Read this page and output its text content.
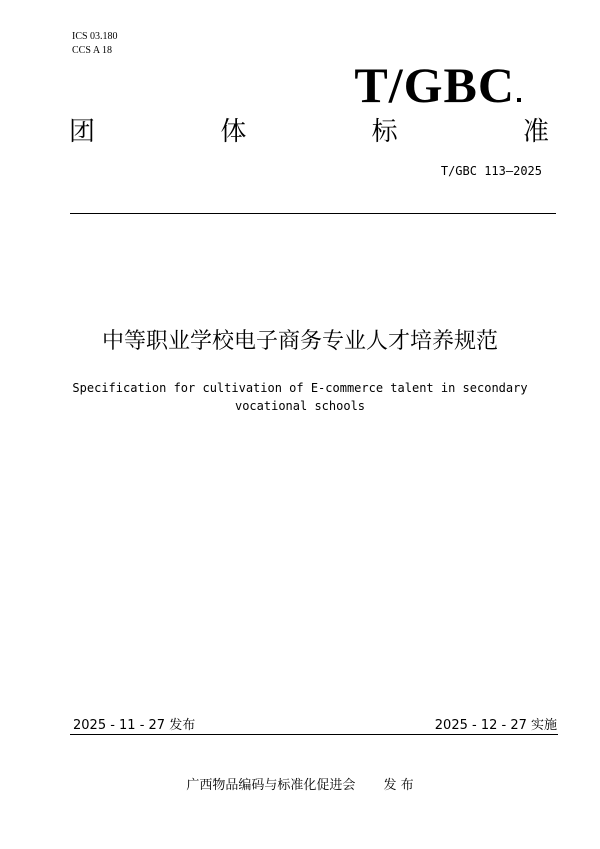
ICS 03.180
CCS A 18
T/GBC
团	体	标	准
T/GBC 113—2025
中等职业学校电子商务专业人才培养规范
Specification for cultivation of E-commerce talent in secondary vocational schools
2025 - 11 - 27 发布	2025 - 12 - 27 实施
广西物品编码与标准化促进会 发 布
